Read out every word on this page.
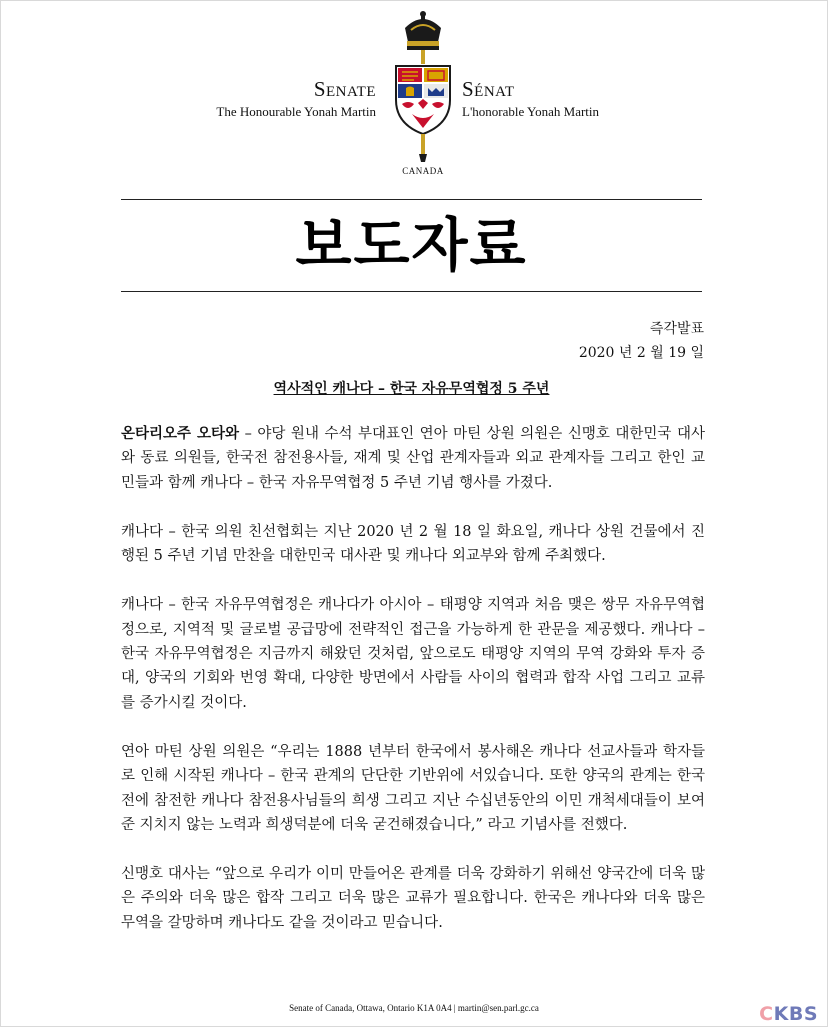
Senate
The Honourable Yonah Martin
CANADA
Sénat
L'honorable Yonah Martin
보도자료
즉각발표
2020 년 2 월 19 일
역사적인 캐나다 – 한국 자유무역협정 5 주년

온타리오주 오타와 – 야당 원내 수석 부대표인 연아 마틴 상원 의원은 신맹호 대한민국 대사와 동료 의원들, 한국전 참전용사들, 재계 및 산업 관계자들과 외교 관계자들 그리고 한인 교민들과 함께 캐나다 – 한국 자유무역협정 5 주년 기념 행사를 가졌다.

캐나다 – 한국 의원 친선협회는 지난 2020 년 2 월 18 일 화요일, 캐나다 상원 건물에서 진행된 5 주년 기념 만찬을 대한민국 대사관 및 캐나다 외교부와 함께 주최했다.

캐나다 – 한국 자유무역협정은 캐나다가 아시아 – 태평양 지역과 처음 맺은 쌍무 자유무역협정으로, 지역적 및 글로벌 공급망에 전략적인 접근을 가능하게 한 관문을 제공했다. 캐나다 – 한국 자유무역협정은 지금까지 해왔던 것처럼, 앞으로도 태평양 지역의 무역 강화와 투자 증대, 양국의 기회와 번영 확대, 다양한 방면에서 사람들 사이의 협력과 합작 사업 그리고 교류를 증가시킬 것이다.

연아 마틴 상원 의원은 “우리는 1888 년부터 한국에서 봉사해온 캐나다 선교사들과 학자들로 인해 시작된 캐나다 – 한국 관계의 단단한 기반위에 서있습니다. 또한 양국의 관계는 한국전에 참전한 캐나다 참전용사님들의 희생 그리고 지난 수십년동안의 이민 개척세대들이 보여준 지치지 않는 노력과 희생덕분에 더욱 굳건해졌습니다,” 라고 기념사를 전했다.

신맹호 대사는 “앞으로 우리가 이미 만들어온 관계를 더욱 강화하기 위해선 양국간에 더욱 많은 주의와 더욱 많은 합작 그리고 더욱 많은 교류가 필요합니다. 한국은 캐나다와 더욱 많은 무역을 갈망하며 캐나다도 같을 것이라고 믿습니다.

Senate of Canada, Ottawa, Ontario K1A 0A4 | martin@sen.parl.gc.ca	CKBS
